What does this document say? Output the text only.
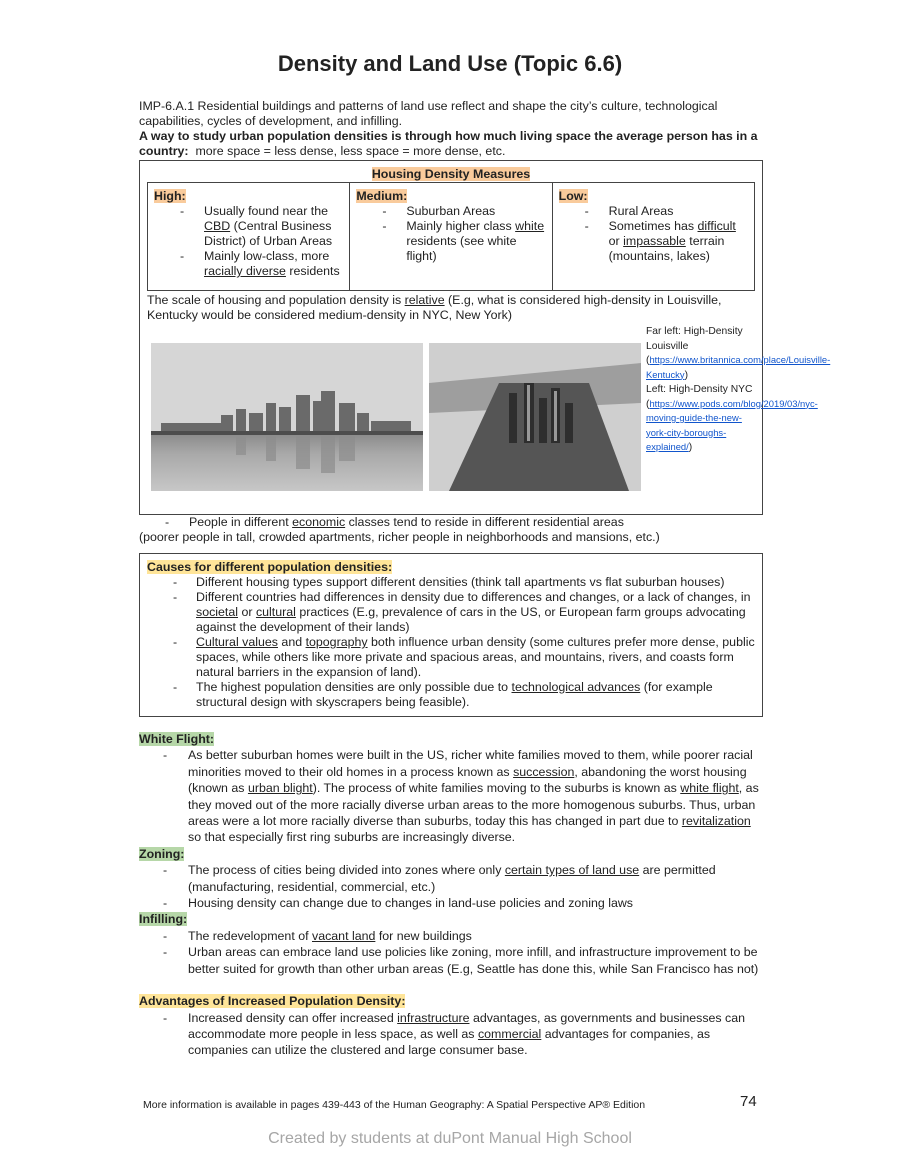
Density and Land Use (Topic 6.6)

IMP-6.A.1 Residential buildings and patterns of land use reflect and shape the city’s culture, technological capabilities, cycles of development, and infilling.

A way to study urban population densities is through how much living space the average person has in a country: more space = less dense, less space = more dense, etc.

Housing Density Measures
High:
- Usually found near the CBD (Central Business District) of Urban Areas
- Mainly low-class, more racially diverse residents
Medium:
- Suburban Areas
- Mainly higher class white residents (see white flight)
Low:
- Rural Areas
- Sometimes has difficult or impassable terrain (mountains, lakes)

The scale of housing and population density is relative (E.g, what is considered high-density in Louisville, Kentucky would be considered medium-density in NYC, New York)

Far left: High-Density Louisville
(https://www.britannica.com/place/Louisville-Kentucky)
Left: High-Density NYC
(https://www.pods.com/blog/2019/03/nyc-moving-guide-the-new-york-city-boroughs-explained/)
- People in different economic classes tend to reside in different residential areas

(poorer people in tall, crowded apartments, richer people in neighborhoods and mansions, etc.)

Causes for different population densities:
- Different housing types support different densities (think tall apartments vs flat suburban houses)
- Different countries had differences in density due to differences and changes, or a lack of changes, in societal or cultural practices (E.g, prevalence of cars in the US, or European farm groups advocating against the development of their lands)
- Cultural values and topography both influence urban density (some cultures prefer more dense, public spaces, while others like more private and spacious areas, and mountains, rivers, and coasts form natural barriers in the expansion of land).
- The highest population densities are only possible due to technological advances (for example structural design with skyscrapers being feasible).
White Flight:
- As better suburban homes were built in the US, richer white families moved to them, while poorer racial minorities moved to their old homes in a process known as succession, abandoning the worst housing (known as urban blight). The process of white families moving to the suburbs is known as white flight, as they moved out of the more racially diverse urban areas to the more homogenous suburbs. Thus, urban areas were a lot more racially diverse than suburbs, today this has changed in part due to revitalization so that especially first ring suburbs are increasingly diverse.
Zoning:
- The process of cities being divided into zones where only certain types of land use are permitted (manufacturing, residential, commercial, etc.)
- Housing density can change due to changes in land-use policies and zoning laws
Infilling:
- The redevelopment of vacant land for new buildings
- Urban areas can embrace land use policies like zoning, more infill, and infrastructure improvement to be better suited for growth than other urban areas (E.g, Seattle has done this, while San Francisco has not)
Advantages of Increased Population Density:
- Increased density can offer increased infrastructure advantages, as governments and businesses can accommodate more people in less space, as well as commercial advantages for companies, as companies can utilize the clustered and large consumer base.
More information is available in pages 439-443 of the Human Geography: A Spatial Perspective AP® Edition	74
Created by students at duPont Manual High School
